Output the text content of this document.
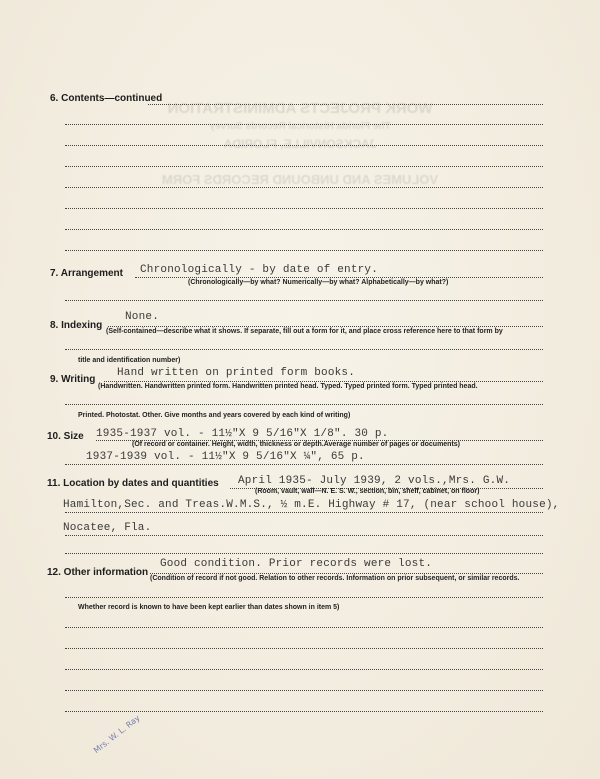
WORK PROJECTS ADMINISTRATION
The Florida Historical Records Survey
JACKSONVILLE, FLORIDA
VOLUMES AND UNBOUND RECORDS FORM
6. Contents—continued
7. Arrangement Chronologically - by date of entry.
(Chronologically—by what? Numerically—by what? Alphabetically—by what?)
8. Indexing
None.
(Self-contained—describe what it shows. If separate, fill out a form for it, and place cross reference here to that form by
title and identification number)
9. Writing
Hand written on printed form books.
(Handwritten. Handwritten printed form. Handwritten printed head. Typed. Typed printed form. Typed printed head.
Printed. Photostat. Other. Give months and years covered by each kind of writing)
10. Size 1935-1937 vol. - 11½"X 9 5/16"X 1/8". 30 p.
(Of record or container. Height, width, thickness or depth.Average number of pages or documents)
1937-1939 vol. - 11½"X 9 5/16"X ¼", 65 p.
11. Location by dates and quantities April 1935- July 1939, 2 vols.,Mrs. G.W.
(Room, vault, wall—N. E. S. W., section, bin, shelf, cabinet, on floor)
Hamilton,Sec. and Treas.W.M.S., ½ m.E. Highway # 17, (near school house),
Nocatee, Fla.
12. Other information
Good condition. Prior records were lost.
(Condition of record if not good. Relation to other records. Information on prior subsequent, or similar records.
Whether record is known to have been kept earlier than dates shown in item 5)
Mrs. W. L. Ray
